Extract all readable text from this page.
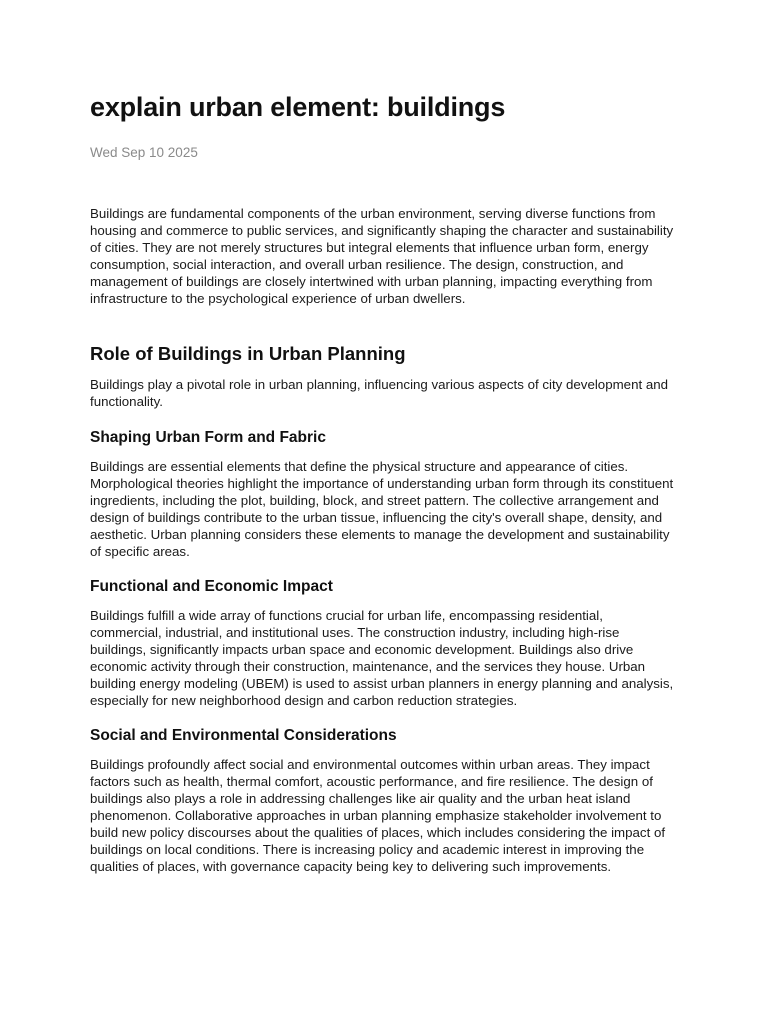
explain urban element: buildings
Wed Sep 10 2025

Buildings are fundamental components of the urban environment, serving diverse functions from housing and commerce to public services, and significantly shaping the character and sustainability of cities. They are not merely structures but integral elements that influence urban form, energy consumption, social interaction, and overall urban resilience. The design, construction, and management of buildings are closely intertwined with urban planning, impacting everything from infrastructure to the psychological experience of urban dwellers.

Role of Buildings in Urban Planning

Buildings play a pivotal role in urban planning, influencing various aspects of city development and functionality.

Shaping Urban Form and Fabric

Buildings are essential elements that define the physical structure and appearance of cities. Morphological theories highlight the importance of understanding urban form through its constituent ingredients, including the plot, building, block, and street pattern. The collective arrangement and design of buildings contribute to the urban tissue, influencing the city's overall shape, density, and aesthetic. Urban planning considers these elements to manage the development and sustainability of specific areas.

Functional and Economic Impact

Buildings fulfill a wide array of functions crucial for urban life, encompassing residential, commercial, industrial, and institutional uses. The construction industry, including high-rise buildings, significantly impacts urban space and economic development. Buildings also drive economic activity through their construction, maintenance, and the services they house. Urban building energy modeling (UBEM) is used to assist urban planners in energy planning and analysis, especially for new neighborhood design and carbon reduction strategies.

Social and Environmental Considerations

Buildings profoundly affect social and environmental outcomes within urban areas. They impact factors such as health, thermal comfort, acoustic performance, and fire resilience. The design of buildings also plays a role in addressing challenges like air quality and the urban heat island phenomenon. Collaborative approaches in urban planning emphasize stakeholder involvement to build new policy discourses about the qualities of places, which includes considering the impact of buildings on local conditions. There is increasing policy and academic interest in improving the qualities of places, with governance capacity being key to delivering such improvements.
